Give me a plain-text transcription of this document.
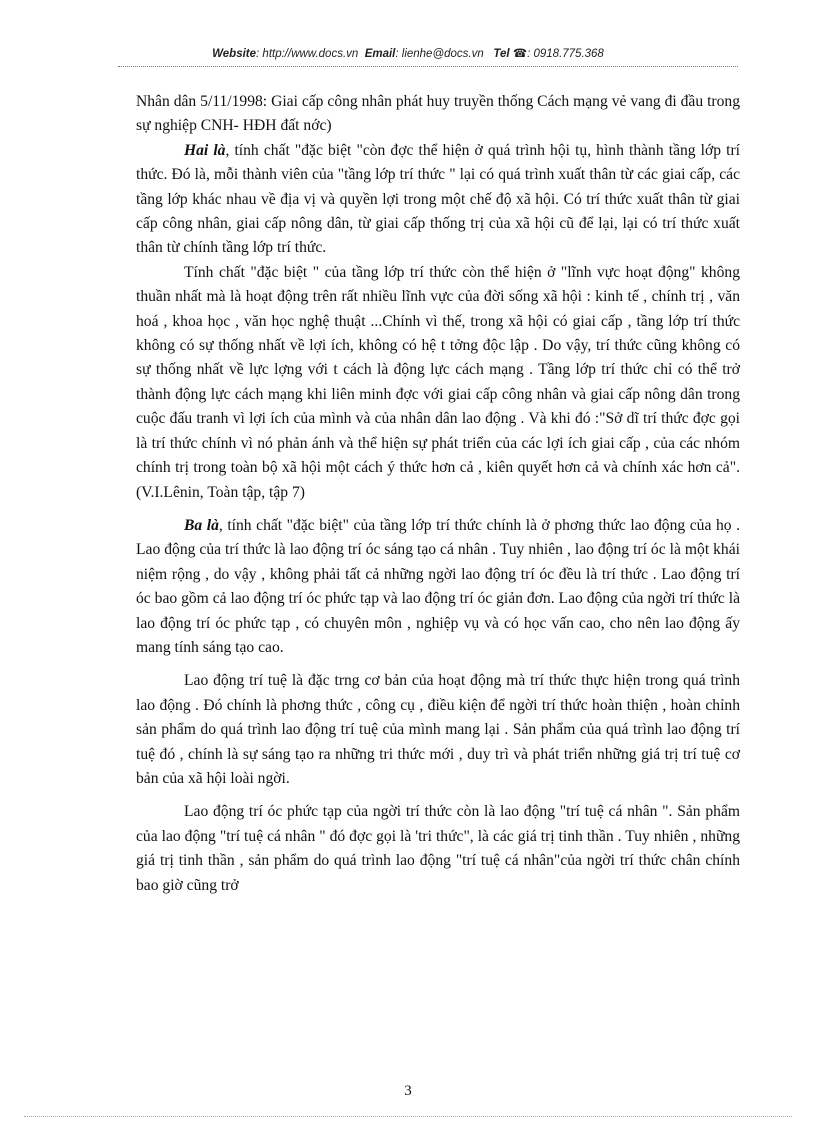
Website: http://www.docs.vn Email: lienhe@docs.vn Tel ☎: 0918.775.368

Nhân dân 5/11/1998: Giai cấp công nhân phát huy truyền thống Cách mạng vẻ vang đi đầu trong sự nghiệp CNH- HĐH đất nớc)

Hai là, tính chất "đặc biệt "còn đợc thể hiện ở quá trình hội tụ, hình thành tầng lớp trí thức. Đó là, mỗi thành viên của "tầng lớp trí thức " lại có quá trình xuất thân từ các giai cấp, các tầng lớp khác nhau về địa vị và quyền lợi trong một chế độ xã hội. Có trí thức xuất thân từ giai cấp công nhân, giai cấp nông dân, từ giai cấp thống trị của xã hội cũ để lại, lại có trí thức xuất thân từ chính tầng lớp trí thức.

Tính chất "đặc biệt " của tầng lớp trí thức còn thể hiện ở "lĩnh vực hoạt động" không thuần nhất mà là hoạt động trên rất nhiều lĩnh vực của đời sống xã hội : kinh tế , chính trị , văn hoá , khoa học , văn học nghệ thuật ...Chính vì thế, trong xã hội có giai cấp , tầng lớp trí thức không có sự thống nhất về lợi ích, không có hệ t tởng độc lập . Do vậy, trí thức cũng không có sự thống nhất về lực lợng với t cách là động lực cách mạng . Tầng lớp trí thức chỉ có thể trở thành động lực cách mạng khi liên minh đợc với giai cấp công nhân và giai cấp nông dân trong cuộc đấu tranh vì lợi ích của mình và của nhân dân lao động . Và khi đó :"Sở dĩ trí thức đợc gọi là trí thức chính vì nó phản ánh và thể hiện sự phát triển của các lợi ích giai cấp , của các nhóm chính trị trong toàn bộ xã hội một cách ý thức hơn cả , kiên quyết hơn cả và chính xác hơn cả".(V.I.Lênin, Toàn tập, tập 7)

Ba là, tính chất "đặc biệt" của tầng lớp trí thức chính là ở phơng thức lao động của họ . Lao động của trí thức là lao động trí óc sáng tạo cá nhân . Tuy nhiên , lao động trí óc là một khái niệm rộng , do vậy , không phải tất cả những ngời lao động trí óc đều là trí thức . Lao động trí óc bao gồm cả lao động trí óc phức tạp và lao động trí óc giản đơn. Lao động của ngời trí thức là lao động trí óc phức tạp , có chuyên môn , nghiệp vụ và có học vấn cao, cho nên lao động ấy mang tính sáng tạo cao.

Lao động trí tuệ là đặc trng cơ bản của hoạt động mà trí thức thực hiện trong quá trình lao động . Đó chính là phơng thức , công cụ , điều kiện để ngời trí thức hoàn thiện , hoàn chỉnh sản phẩm do quá trình lao động trí tuệ của mình mang lại . Sản phẩm của quá trình lao động trí tuệ đó , chính là sự sáng tạo ra những tri thức mới , duy trì và phát triển những giá trị trí tuệ cơ bản của xã hội loài ngời.

Lao động trí óc phức tạp của ngời trí thức còn là lao động "trí tuệ cá nhân ". Sản phẩm của lao động "trí tuệ cá nhân " đó đợc gọi là 'tri thức", là các giá trị tinh thần . Tuy nhiên , những giá trị tinh thần , sản phẩm do quá trình lao động "trí tuệ cá nhân"của ngời trí thức chân chính bao giờ cũng trở

3
